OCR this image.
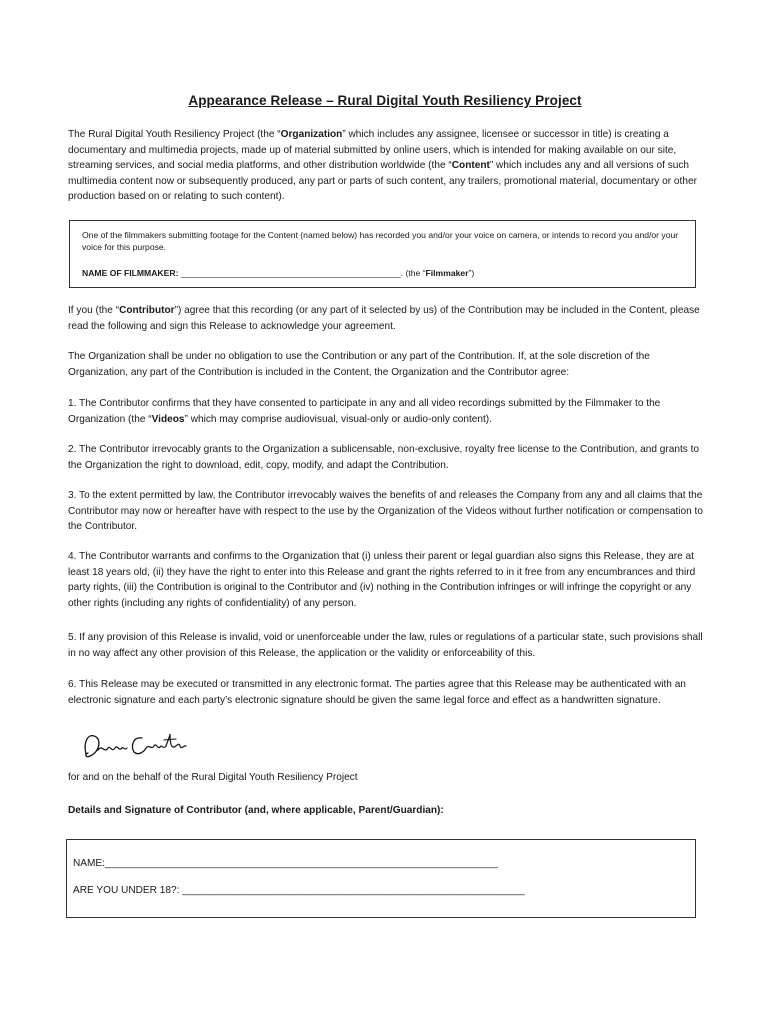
Appearance Release – Rural Digital Youth Resiliency Project

The Rural Digital Youth Resiliency Project (the “Organization” which includes any assignee, licensee or successor in title) is creating a documentary and multimedia projects, made up of material submitted by online users, which is intended for making available on our site, streaming services, and social media platforms, and other distribution worldwide (the “Content” which includes any and all versions of such multimedia content now or subsequently produced, any part or parts of such content, any trailers, promotional material, documentary or other production based on or relating to such content).

One of the filmmakers submitting footage for the Content (named below) has recorded you and/or your voice on camera, or intends to record you and/or your voice for this purpose.

NAME OF FILMMAKER: ______________________________________________. (the “Filmmaker”)

If you (the “Contributor”) agree that this recording (or any part of it selected by us) of the Contribution may be included in the Content, please read the following and sign this Release to acknowledge your agreement.

The Organization shall be under no obligation to use the Contribution or any part of the Contribution. If, at the sole discretion of the Organization, any part of the Contribution is included in the Content, the Organization and the Contributor agree:

1. The Contributor confirms that they have consented to participate in any and all video recordings submitted by the Filmmaker to the Organization (the “Videos” which may comprise audiovisual, visual-only or audio-only content).

2. The Contributor irrevocably grants to the Organization a sublicensable, non-exclusive, royalty free license to the Contribution, and grants to the Organization the right to download, edit, copy, modify, and adapt the Contribution.

3. To the extent permitted by law, the Contributor irrevocably waives the benefits of and releases the Company from any and all claims that the Contributor may now or hereafter have with respect to the use by the Organization of the Videos without further notification or compensation to the Contributor.

4. The Contributor warrants and confirms to the Organization that (i) unless their parent or legal guardian also signs this Release, they are at least 18 years old, (ii) they have the right to enter into this Release and grant the rights referred to in it free from any encumbrances and third party rights, (iii) the Contribution is original to the Contributor and (iv) nothing in the Contribution infringes or will infringe the copyright or any other rights (including any rights of confidentiality) of any person.

5. If any provision of this Release is invalid, void or unenforceable under the law, rules or regulations of a particular state, such provisions shall in no way affect any other provision of this Release, the application or the validity or enforceability of this.

6. This Release may be executed or transmitted in any electronic format. The parties agree that this Release may be authenticated with an electronic signature and each party’s electronic signature should be given the same legal force and effect as a handwritten signature.

for and on the behalf of the Rural Digital Youth Resiliency Project

Details and Signature of Contributor (and, where applicable, Parent/Guardian):

NAME:______________________________________________________________________

ARE YOU UNDER 18?: _____________________________________________________________
